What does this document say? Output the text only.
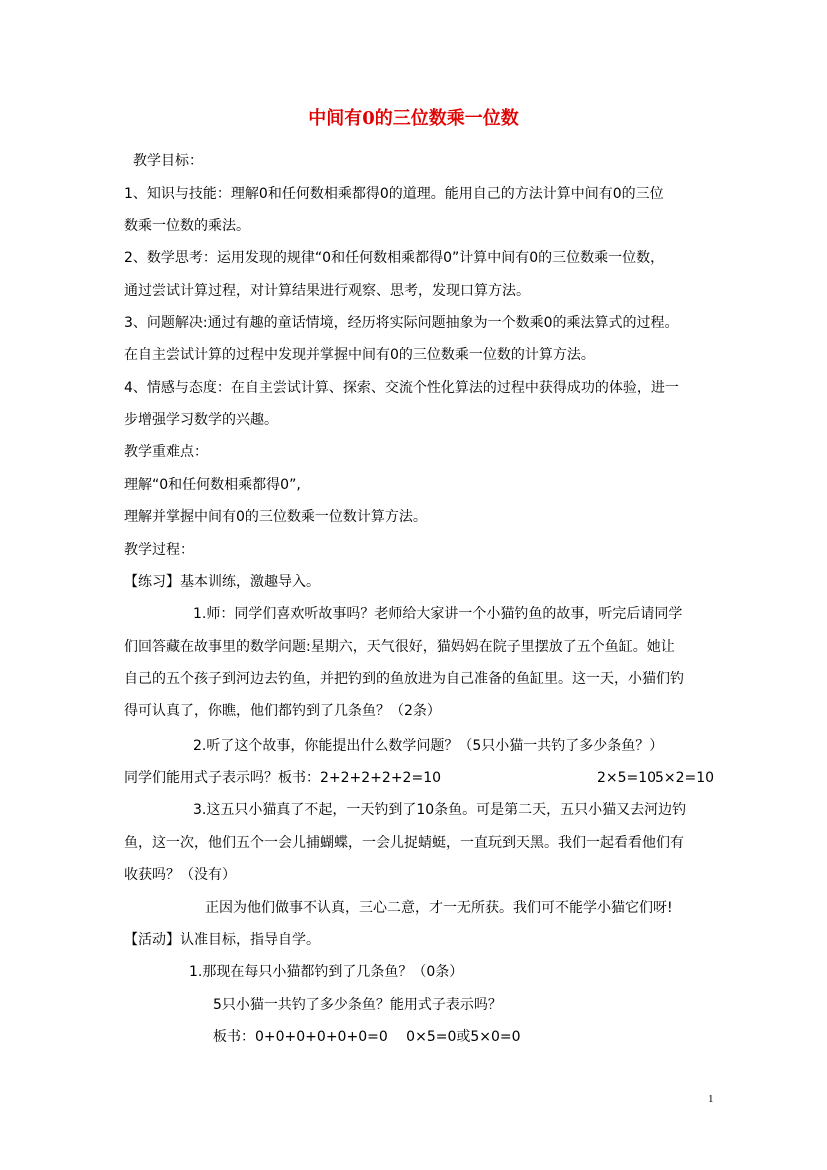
中间有0的三位数乘一位数
教学目标：
1、知识与技能：理解0和任何数相乘都得0的道理。能用自己的方法计算中间有0的三位
数乘一位数的乘法。
2、数学思考：运用发现的规律“0和任何数相乘都得0”计算中间有0的三位数乘一位数，
通过尝试计算过程，对计算结果进行观察、思考，发现口算方法。
3、问题解决:通过有趣的童话情境，经历将实际问题抽象为一个数乘0的乘法算式的过程。
在自主尝试计算的过程中发现并掌握中间有0的三位数乘一位数的计算方法。
4、情感与态度：在自主尝试计算、探索、交流个性化算法的过程中获得成功的体验，进一
步增强学习数学的兴趣。
教学重难点：
理解“0和任何数相乘都得0”,
理解并掌握中间有0的三位数乘一位数计算方法。
教学过程：
【练习】基本训练，激趣导入。
1.师：同学们喜欢听故事吗？老师给大家讲一个小猫钓鱼的故事，听完后请同学
们回答藏在故事里的数学问题:星期六，天气很好，猫妈妈在院子里摆放了五个鱼缸。她让
自己的五个孩子到河边去钓鱼，并把钓到的鱼放进为自己准备的鱼缸里。这一天，小猫们钓
得可认真了，你瞧，他们都钓到了几条鱼？（2条）
2.听了这个故事，你能提出什么数学问题？（5只小猫一共钓了多少条鱼？）
同学们能用式子表示吗？板书：2+2+2+2+2=10	2×5=10
5×2=10
3.这五只小猫真了不起，一天钓到了10条鱼。可是第二天，五只小猫又去河边钓
鱼，这一次，他们五个一会儿捕蝴蝶，一会儿捉蜻蜓，一直玩到天黑。我们一起看看他们有
收获吗？（没有）
正因为他们做事不认真，三心二意，才一无所获。我们可不能学小猫它们呀!
【活动】认准目标，指导自学。
1.那现在每只小猫都钓到了几条鱼？（0条）
5只小猫一共钓了多少条鱼？能用式子表示吗？
板书：0+0+0+0+0+0=0　 0×5=0或5×0=0
1
